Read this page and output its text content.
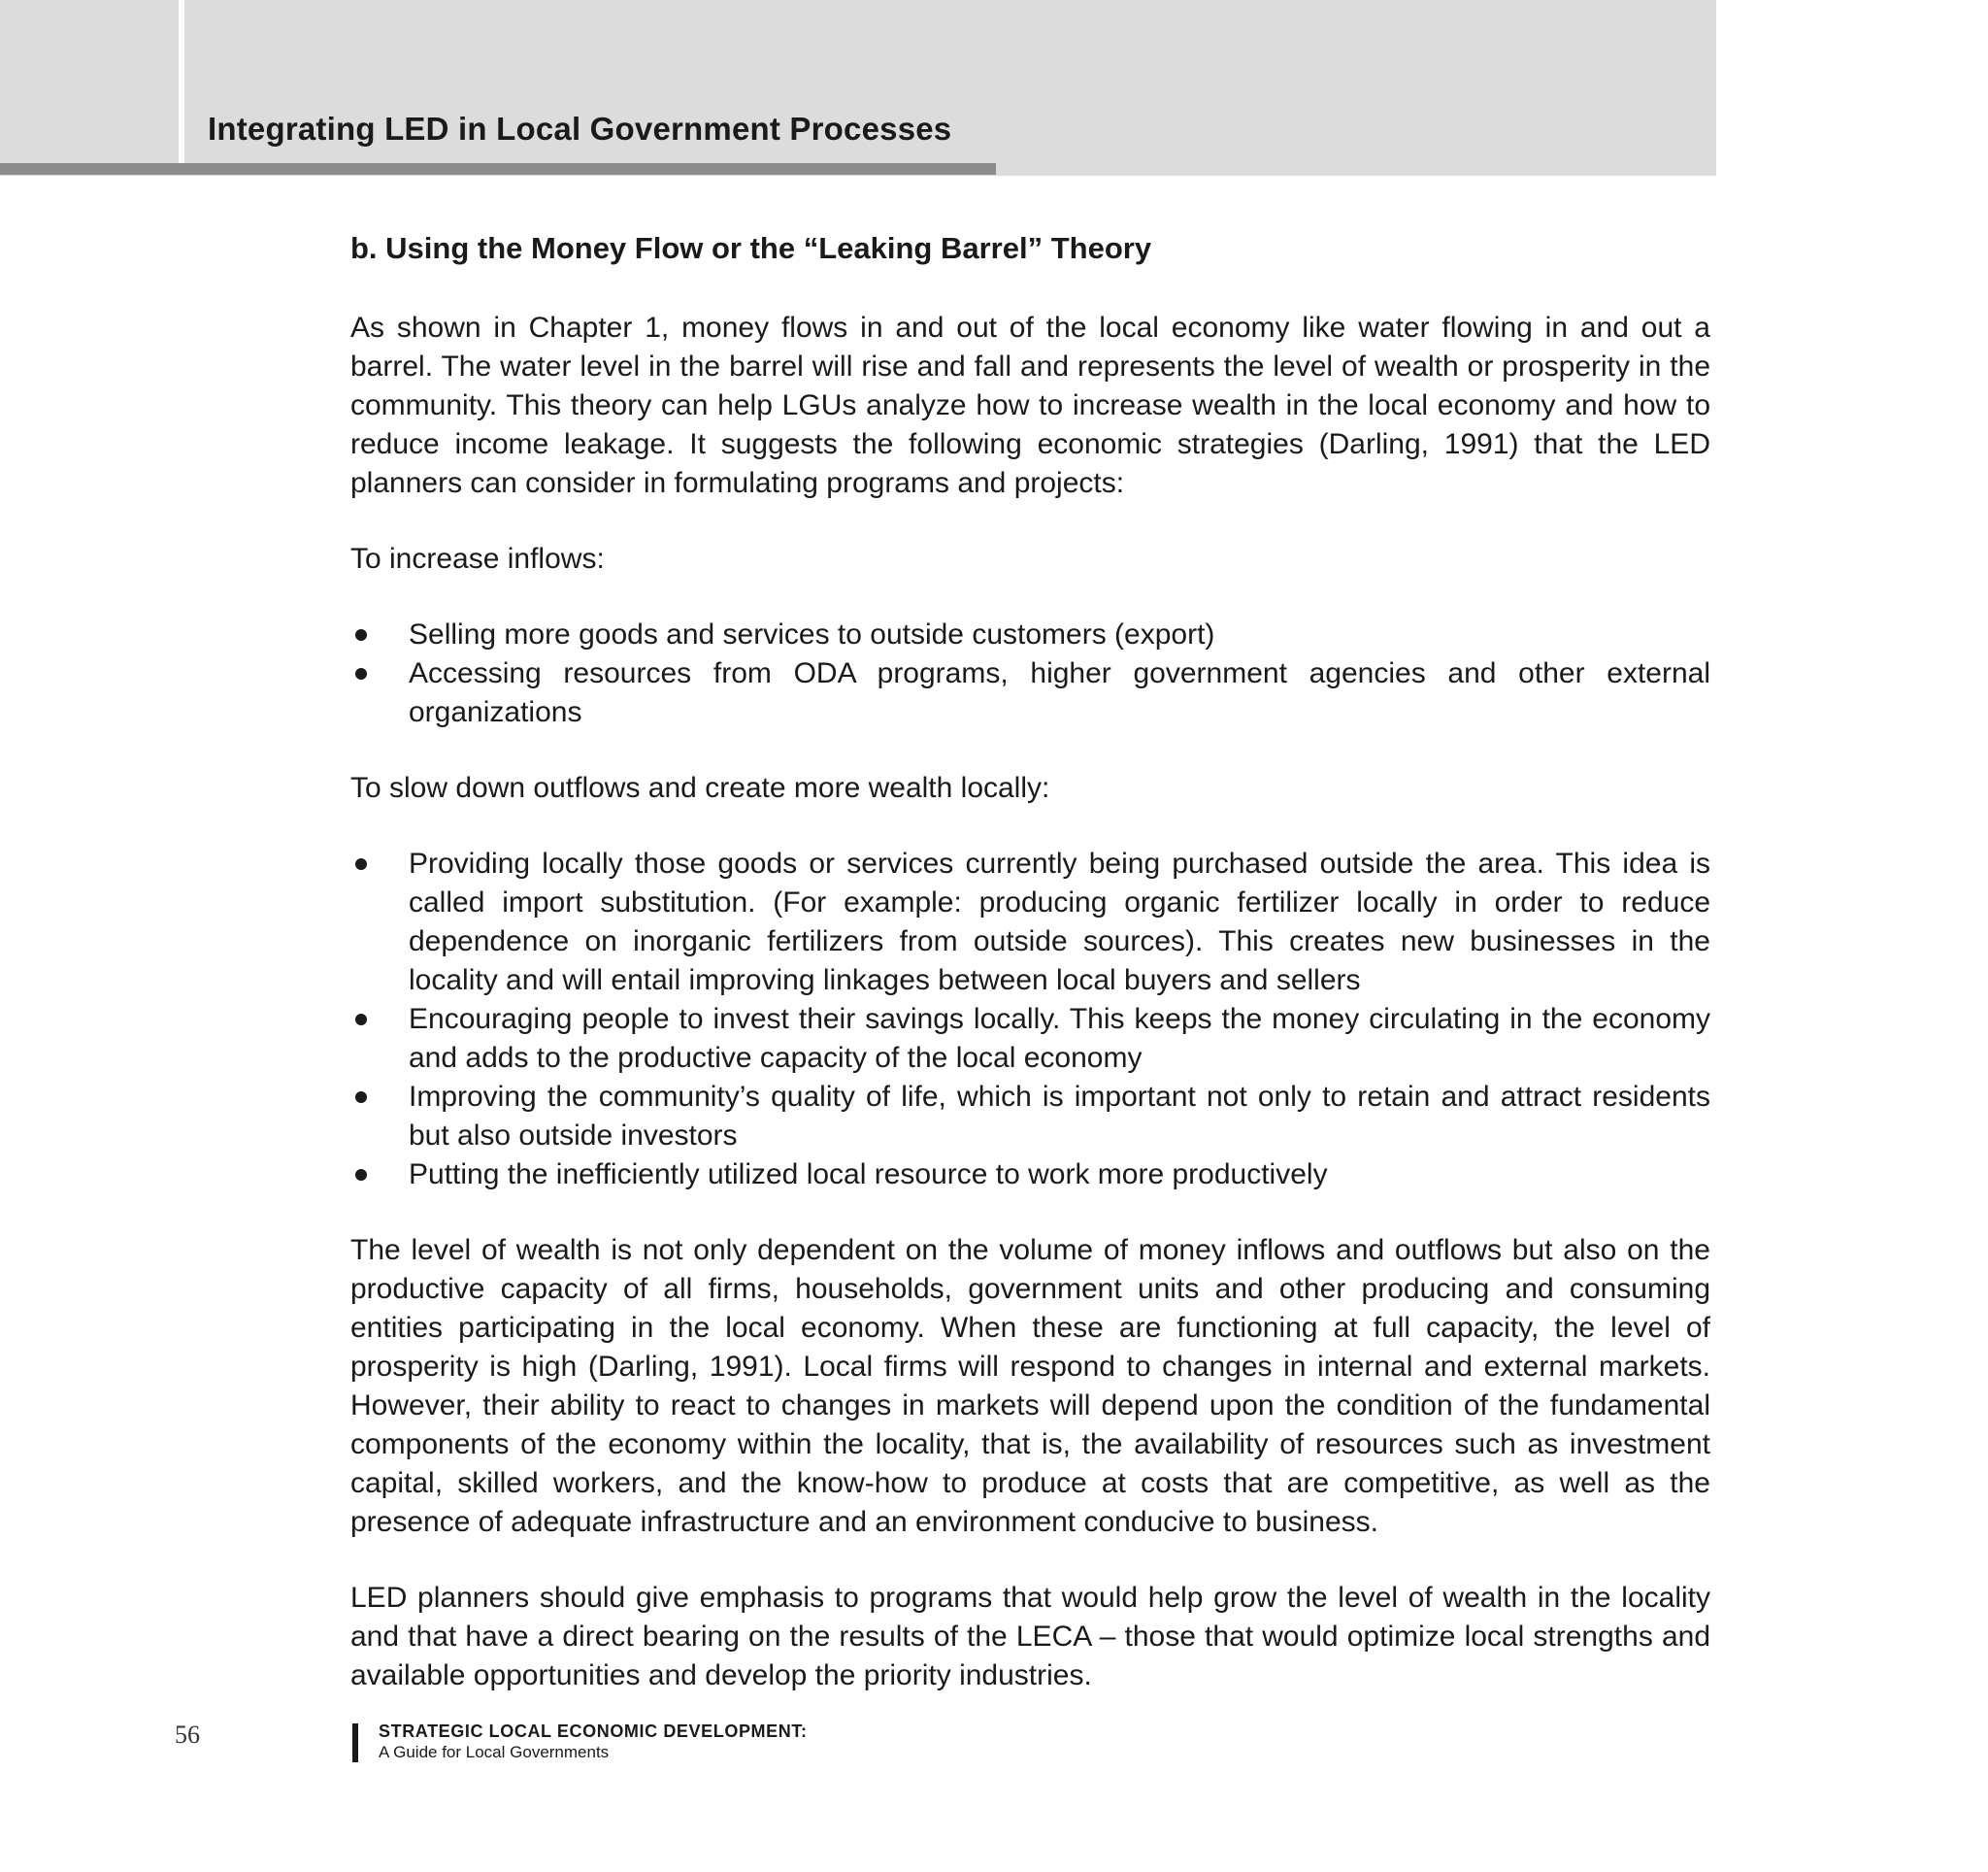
Integrating LED in Local Government Processes
b. Using the Money Flow or the “Leaking Barrel” Theory

As shown in Chapter 1, money flows in and out of the local economy like water flowing in and out a barrel. The water level in the barrel will rise and fall and represents the level of wealth or prosperity in the community. This theory can help LGUs analyze how to increase wealth in the local economy and how to reduce income leakage. It suggests the following economic strategies (Darling, 1991) that the LED planners can consider in formulating programs and projects:

To increase inflows:

Selling more goods and services to outside customers (export)
Accessing resources from ODA programs, higher government agencies and other external organizations

To slow down outflows and create more wealth locally:

Providing locally those goods or services currently being purchased outside the area. This idea is called import substitution. (For example: producing organic fertilizer locally in order to reduce dependence on inorganic fertilizers from outside sources). This creates new businesses in the locality and will entail improving linkages between local buyers and sellers
Encouraging people to invest their savings locally. This keeps the money circulating in the economy and adds to the productive capacity of the local economy
Improving the community’s quality of life, which is important not only to retain and attract residents but also outside investors
Putting the inefficiently utilized local resource to work more productively

The level of wealth is not only dependent on the volume of money inflows and outflows but also on the productive capacity of all firms, households, government units and other producing and consuming entities participating in the local economy. When these are functioning at full capacity, the level of prosperity is high (Darling, 1991). Local firms will respond to changes in internal and external markets. However, their ability to react to changes in markets will depend upon the condition of the fundamental components of the economy within the locality, that is, the availability of resources such as investment capital, skilled workers, and the know-how to produce at costs that are competitive, as well as the presence of adequate infrastructure and an environment conducive to business.

LED planners should give emphasis to programs that would help grow the level of wealth in the locality and that have a direct bearing on the results of the LECA – those that would optimize local strengths and available opportunities and develop the priority industries.

56	STRATEGIC LOCAL ECONOMIC DEVELOPMENT:
A Guide for Local Governments
